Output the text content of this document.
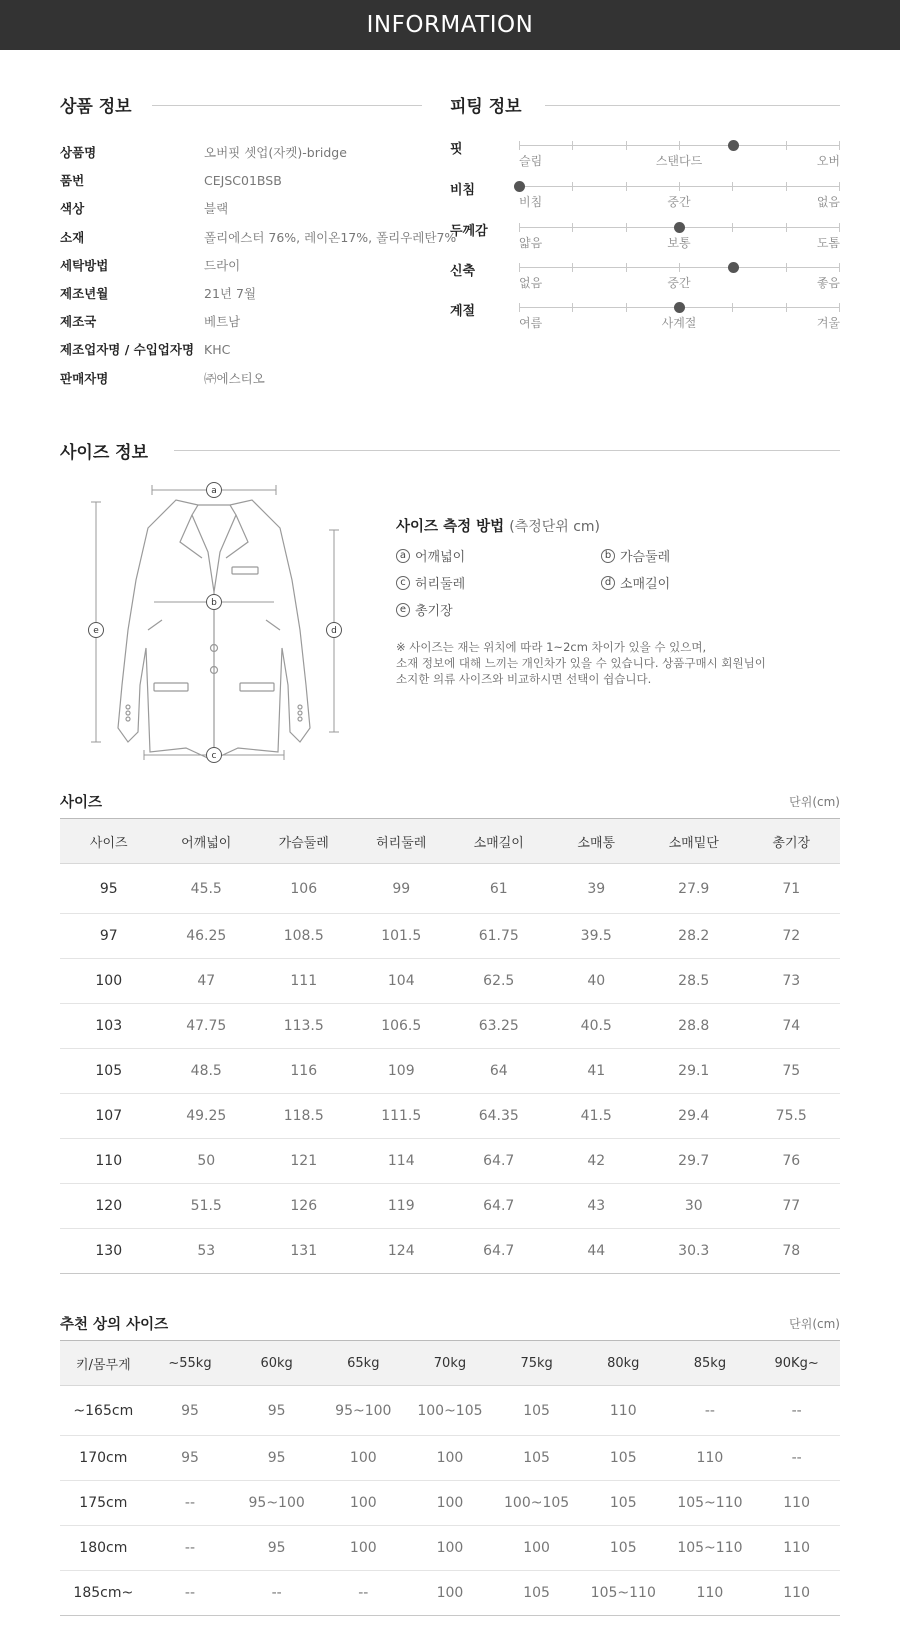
INFORMATION
상품 정보
상품명	오버핏 셋업(자켓)-bridge
품번	CEJSC01BSB
색상	블랙
소재	폴리에스터 76%, 레이온17%, 폴리우레탄7%
세탁방법	드라이
제조년월	21년 7월
제조국	베트남
제조업자명 / 수입업자명	KHC
판매자명	㈜에스티오
피팅 정보
핏
슬림	스탠다드	오버
비침
비침	중간	없음
두께감
얇음	보통	도톰
신축
없음	중간	좋음
계절
여름	사계절	겨울
사이즈 정보
a
b
c
d
e
사이즈 측정 방법 (측정단위 cm)
a 어깨넓이	b 가슴둘레
c 허리둘레	d 소매길이
e 총기장
※ 사이즈는 재는 위치에 따라 1~2cm 차이가 있을 수 있으며,
소재 정보에 대해 느끼는 개인차가 있을 수 있습니다. 상품구매시 회원님이
소지한 의류 사이즈와 비교하시면 선택이 쉽습니다.
사이즈	단위(cm)
사이즈	어깨넓이	가슴둘레	허리둘레	소매길이	소매통	소매밑단	총기장
95	45.5	106	99	61	39	27.9	71
97	46.25	108.5	101.5	61.75	39.5	28.2	72
100	47	111	104	62.5	40	28.5	73
103	47.75	113.5	106.5	63.25	40.5	28.8	74
105	48.5	116	109	64	41	29.1	75
107	49.25	118.5	111.5	64.35	41.5	29.4	75.5
110	50	121	114	64.7	42	29.7	76
120	51.5	126	119	64.7	43	30	77
130	53	131	124	64.7	44	30.3	78
추천 상의 사이즈	단위(cm)
키/몸무게	~55kg	60kg	65kg	70kg	75kg	80kg	85kg	90Kg~
~165cm	95	95	95~100	100~105	105	110	--	--
170cm	95	95	100	100	105	105	110	--
175cm	--	95~100	100	100	100~105	105	105~110	110
180cm	--	95	100	100	100	105	105~110	110
185cm~	--	--	--	100	105	105~110	110	110
